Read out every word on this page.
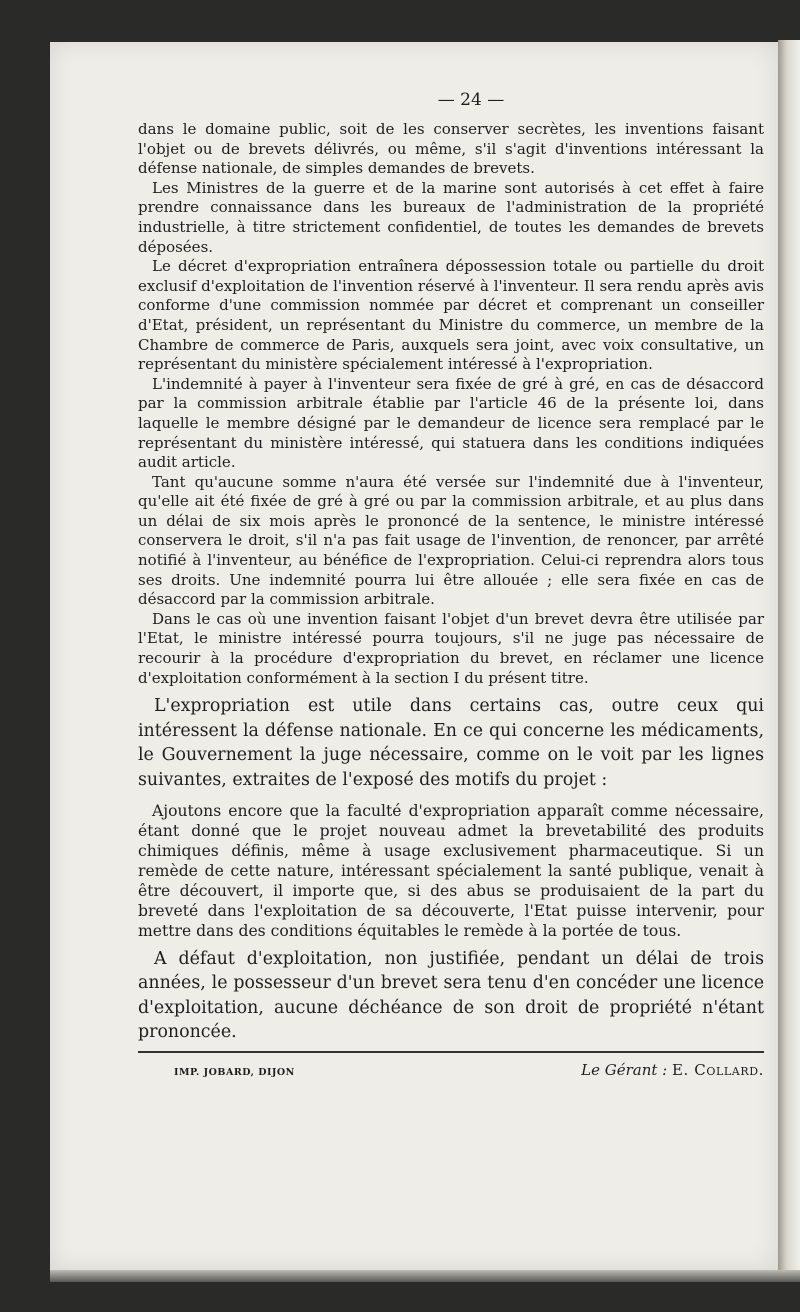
— 24 —

dans le domaine public, soit de les conserver secrètes, les inventions faisant l'objet ou de brevets délivrés, ou même, s'il s'agit d'inventions intéressant la défense nationale, de simples demandes de brevets.

Les Ministres de la guerre et de la marine sont autorisés à cet effet à faire prendre connaissance dans les bureaux de l'administration de la propriété industrielle, à titre strictement confidentiel, de toutes les demandes de brevets déposées.

Le décret d'expropriation entraînera dépossession totale ou partielle du droit exclusif d'exploitation de l'invention réservé à l'inventeur. Il sera rendu après avis conforme d'une commission nommée par décret et comprenant un conseiller d'Etat, président, un représentant du Ministre du commerce, un membre de la Chambre de commerce de Paris, auxquels sera joint, avec voix consultative, un représentant du ministère spécialement intéressé à l'expropriation.

L'indemnité à payer à l'inventeur sera fixée de gré à gré, en cas de désaccord par la commission arbitrale établie par l'article 46 de la présente loi, dans laquelle le membre désigné par le demandeur de licence sera remplacé par le représentant du ministère intéressé, qui statuera dans les conditions indiquées audit article.

Tant qu'aucune somme n'aura été versée sur l'indemnité due à l'inventeur, qu'elle ait été fixée de gré à gré ou par la commission arbitrale, et au plus dans un délai de six mois après le prononcé de la sentence, le ministre intéressé conservera le droit, s'il n'a pas fait usage de l'invention, de renoncer, par arrêté notifié à l'inventeur, au bénéfice de l'expropriation. Celui-ci reprendra alors tous ses droits. Une indemnité pourra lui être allouée ; elle sera fixée en cas de désaccord par la commission arbitrale.

Dans le cas où une invention faisant l'objet d'un brevet devra être utilisée par l'Etat, le ministre intéressé pourra toujours, s'il ne juge pas nécessaire de recourir à la procédure d'expropriation du brevet, en réclamer une licence d'exploitation conformément à la section I du présent titre.

L'expropriation est utile dans certains cas, outre ceux qui intéressent la défense nationale. En ce qui concerne les médicaments, le Gouvernement la juge nécessaire, comme on le voit par les lignes suivantes, extraites de l'exposé des motifs du projet :

Ajoutons encore que la faculté d'expropriation apparaît comme nécessaire, étant donné que le projet nouveau admet la brevetabilité des produits chimiques définis, même à usage exclusivement pharmaceutique. Si un remède de cette nature, intéressant spécialement la santé publique, venait à être découvert, il importe que, si des abus se produisaient de la part du breveté dans l'exploitation de sa découverte, l'Etat puisse intervenir, pour mettre dans des conditions équitables le remède à la portée de tous.

A défaut d'exploitation, non justifiée, pendant un délai de trois années, le possesseur d'un brevet sera tenu d'en concéder une licence d'exploitation, aucune déchéance de son droit de propriété n'étant prononcée.

IMP. JOBARD, DIJON	Le Gérant : E. Collard.
